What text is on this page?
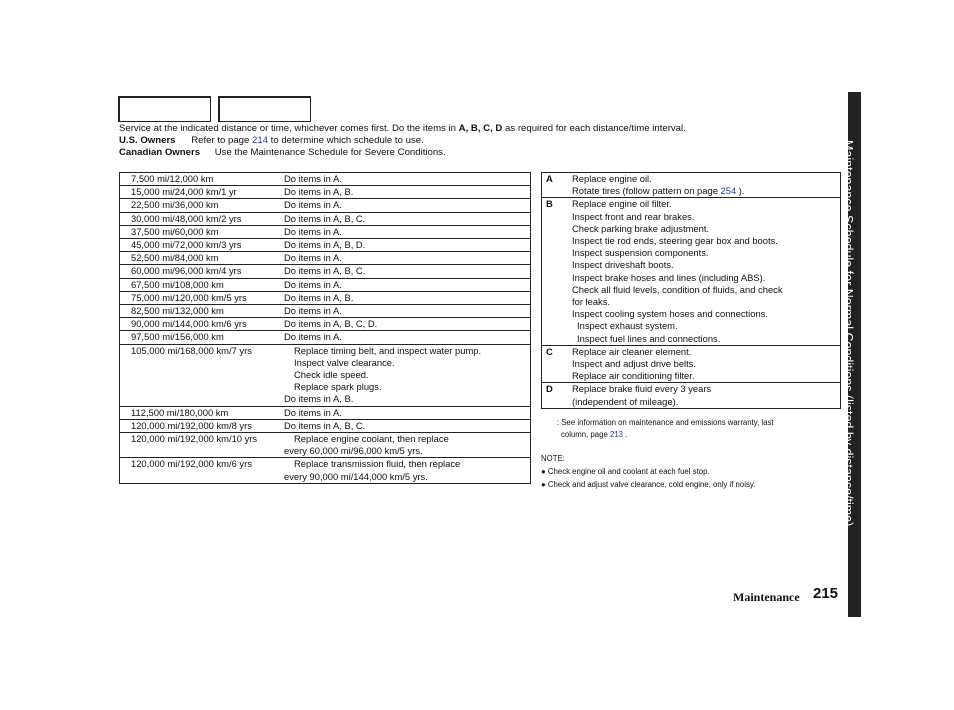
Service at the indicated distance or time, whichever comes first. Do the items in A, B, C, D as required for each distance/time interval.
U.S. Owners Refer to page 214 to determine which schedule to use.
Canadian Owners Use the Maintenance Schedule for Severe Conditions.
7,500 mi/12,000 km	Do items in A.
15,000 mi/24,000 km/1 yr	Do items in A, B.
22,500 mi/36,000 km	Do items in A.
30,000 mi/48,000 km/2 yrs	Do items in A, B, C.
37,500 mi/60,000 km	Do items in A.
45,000 mi/72,000 km/3 yrs	Do items in A, B, D.
52,500 mi/84,000 km	Do items in A.
60,000 mi/96,000 km/4 yrs	Do items in A, B, C.
67,500 mi/108,000 km	Do items in A.
75,000 mi/120,000 km/5 yrs	Do items in A, B.
82,500 mi/132,000 km	Do items in A.
90,000 mi/144,000 km/6 yrs	Do items in A, B, C, D.
97,500 mi/156,000 km	Do items in A.
105,000 mi/168,000 km/7 yrs	Replace timing belt, and inspect water pump.
Inspect valve clearance.
Check idle speed.
Replace spark plugs.
Do items in A, B.
112,500 mi/180,000 km	Do items in A.
120,000 mi/192,000 km/8 yrs	Do items in A, B, C.
120,000 mi/192,000 km/10 yrs	Replace engine coolant, then replace
every 60,000 mi/96,000 km/5 yrs.
120,000 mi/192,000 km/6 yrs	Replace transmission fluid, then replace
every 90,000 mi/144,000 km/5 yrs.
A Replace engine oil.
Rotate tires (follow pattern on page 254 ).
B Replace engine oil filter.
Inspect front and rear brakes.
Check parking brake adjustment.
Inspect tie rod ends, steering gear box and boots.
Inspect suspension components.
Inspect driveshaft boots.
Inspect brake hoses and lines (including ABS).
Check all fluid levels, condition of fluids, and check
for leaks.
Inspect cooling system hoses and connections.
Inspect exhaust system.
Inspect fuel lines and connections.
C Replace air cleaner element.
Inspect and adjust drive belts.
Replace air conditioning filter.
D Replace brake fluid every 3 years
(independent of mileage).
: See information on maintenance and emissions warranty, last
column, page 213 .
NOTE:
● Check engine oil and coolant at each fuel stop.
● Check and adjust valve clearance, cold engine, only if noisy.	Maintenance Schedule for Normal Conditions (listed by distance/time)
Maintenance 215
